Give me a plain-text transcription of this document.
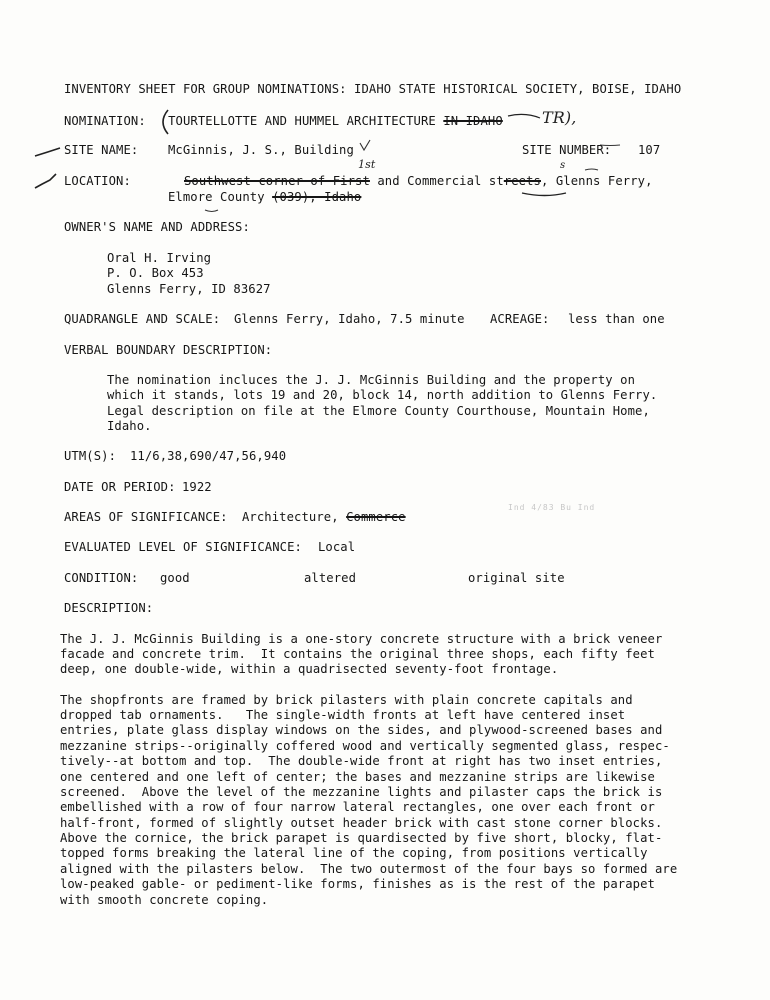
INVENTORY SHEET FOR GROUP NOMINATIONS: IDAHO STATE HISTORICAL SOCIETY, BOISE, IDAHO
NOMINATION: TOURTELLOTTE AND HUMMEL ARCHITECTURE IN IDAHO TR),
SITE NAME: McGinnis, J. S., Building	SITE NUMBER: 107
LOCATION:	Southwest corner of First and Commercial streets, Glenns Ferry,
1st	s
Elmore County (039), Idaho
OWNER'S NAME AND ADDRESS:
Oral H. Irving
P. O. Box 453
Glenns Ferry, ID 83627
QUADRANGLE AND SCALE: Glenns Ferry, Idaho, 7.5 minute ACREAGE: less than one
VERBAL BOUNDARY DESCRIPTION:
The nomination incluces the J. J. McGinnis Building and the property on
which it stands, lots 19 and 20, block 14, north addition to Glenns Ferry.
Legal description on file at the Elmore County Courthouse, Mountain Home,
Idaho.
UTM(S): 11/6,38,690/47,56,940
DATE OR PERIOD: 1922
AREAS OF SIGNIFICANCE: Architecture, Commerce
Ind 4/83 Bu Ind
EVALUATED LEVEL OF SIGNIFICANCE: Local
CONDITION: good	altered	original site
DESCRIPTION:
The J. J. McGinnis Building is a one-story concrete structure with a brick veneer
facade and concrete trim.  It contains the original three shops, each fifty feet
deep, one double-wide, within a quadrisected seventy-foot frontage.
The shopfronts are framed by brick pilasters with plain concrete capitals and
dropped tab ornaments.   The single-width fronts at left have centered inset
entries, plate glass display windows on the sides, and plywood-screened bases and
mezzanine strips--originally coffered wood and vertically segmented glass, respec-
tively--at bottom and top.  The double-wide front at right has two inset entries,
one centered and one left of center; the bases and mezzanine strips are likewise
screened.  Above the level of the mezzanine lights and pilaster caps the brick is
embellished with a row of four narrow lateral rectangles, one over each front or
half-front, formed of slightly outset header brick with cast stone corner blocks.
Above the cornice, the brick parapet is quardisected by five short, blocky, flat-
topped forms breaking the lateral line of the coping, from positions vertically
aligned with the pilasters below.  The two outermost of the four bays so formed are
low-peaked gable- or pediment-like forms, finishes as is the rest of the parapet
with smooth concrete coping.
